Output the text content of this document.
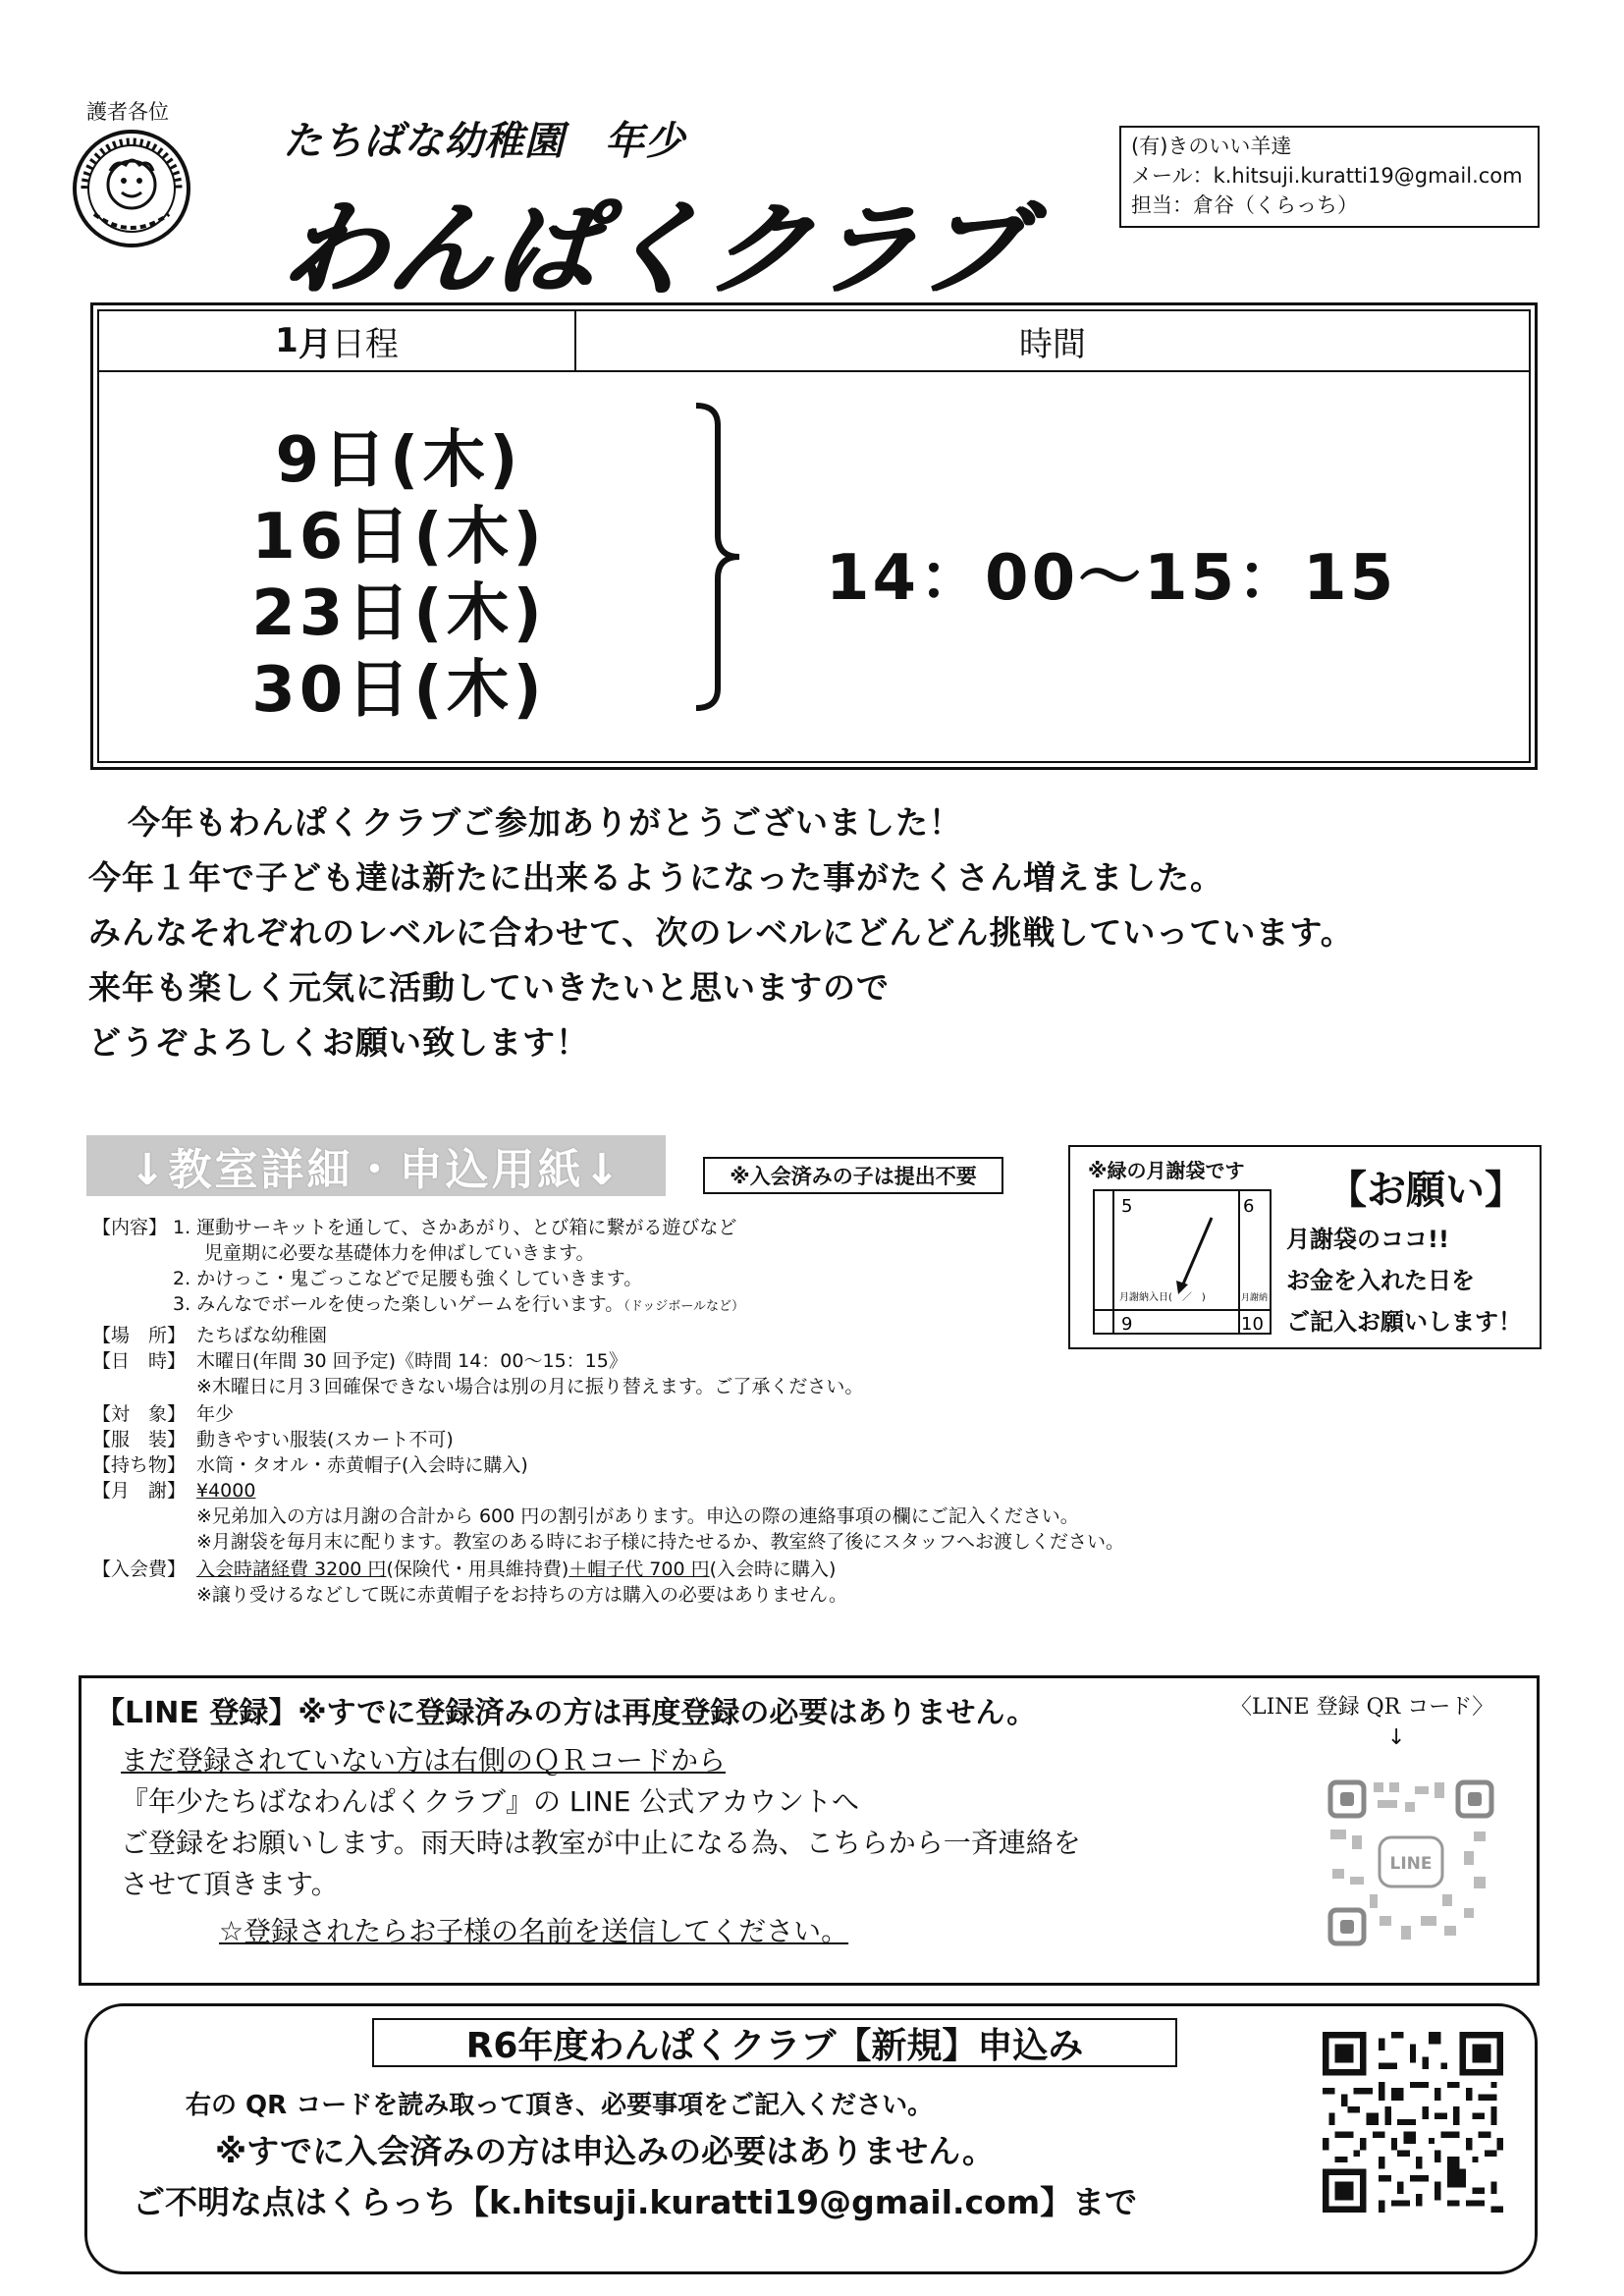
護者各位
たちばな幼稚園　年少
わんぱくクラブ
(有)きのいい羊達
メール：k.hitsuji.kuratti19@gmail.com
担当：倉谷（くらっち）
1 月 日程	時間
9日(木)
16日(木)
23日(木)
30日(木)
14：00～15：15
今年もわんぱくクラブご参加ありがとうございました！
今年１年で子ども達は新たに出来るようになった事がたくさん増えました。
みんなそれぞれのレベルに合わせて、次のレベルにどんどん挑戦していっています。
来年も楽しく元気に活動していきたいと思いますので
どうぞよろしくお願い致します！
↓教室詳細・申込用紙↓	※入会済みの子は提出不要
【内容】 1. 運動サーキットを通して、さかあがり、とび箱に繋がる遊びなど
児童期に必要な基礎体力を伸ばしていきます。
2. かけっこ・鬼ごっこなどで足腰も強くしていきます。
3. みんなでボールを使った楽しいゲームを行います。（ドッジボールなど）
【場　所】 たちばな幼稚園
【日　時】 木曜日(年間 30 回予定)《時間 14：00～15：15》
※木曜日に月３回確保できない場合は別の月に振り替えます。ご了承ください。
【対　象】 年少
【服　装】 動きやすい服装(スカート不可)
【持ち物】 水筒・タオル・赤黄帽子(入会時に購入)
【月　謝】 ¥4000
※兄弟加入の方は月謝の合計から 600 円の割引があります。申込の際の連絡事項の欄にご記入ください。
※月謝袋を毎月末に配ります。教室のある時にお子様に持たせるか、教室終了後にスタッフへお渡しください。
【入会費】 入会時諸経費 3200 円(保険代・用具維持費)＋帽子代 700 円(入会時に購入)
※譲り受けるなどして既に赤黄帽子をお持ちの方は購入の必要はありません。
※緑の月謝袋です 【お願い】
5	6
9	10
月謝納入日(　／　)	月謝納
月謝袋のココ!!
お金を入れた日を
ご記入お願いします！
【LINE 登録】※すでに登録済みの方は再度登録の必要はありません。
まだ登録されていない方は右側のＱＲコードから
『年少たちばなわんぱくクラブ』の LINE 公式アカウントへ
ご登録をお願いします。雨天時は教室が中止になる為、こちらから一斉連絡を
させて頂きます。
☆登録されたらお子様の名前を送信してください。
〈LINE 登録 QR コード〉
↓
LINE
R6年度わんぱくクラブ【新規】申込み
右の QR コードを読み取って頂き、必要事項をご記入ください。
※すでに入会済みの方は申込みの必要はありません。
ご不明な点はくらっち【k.hitsuji.kuratti19@gmail.com】まで
